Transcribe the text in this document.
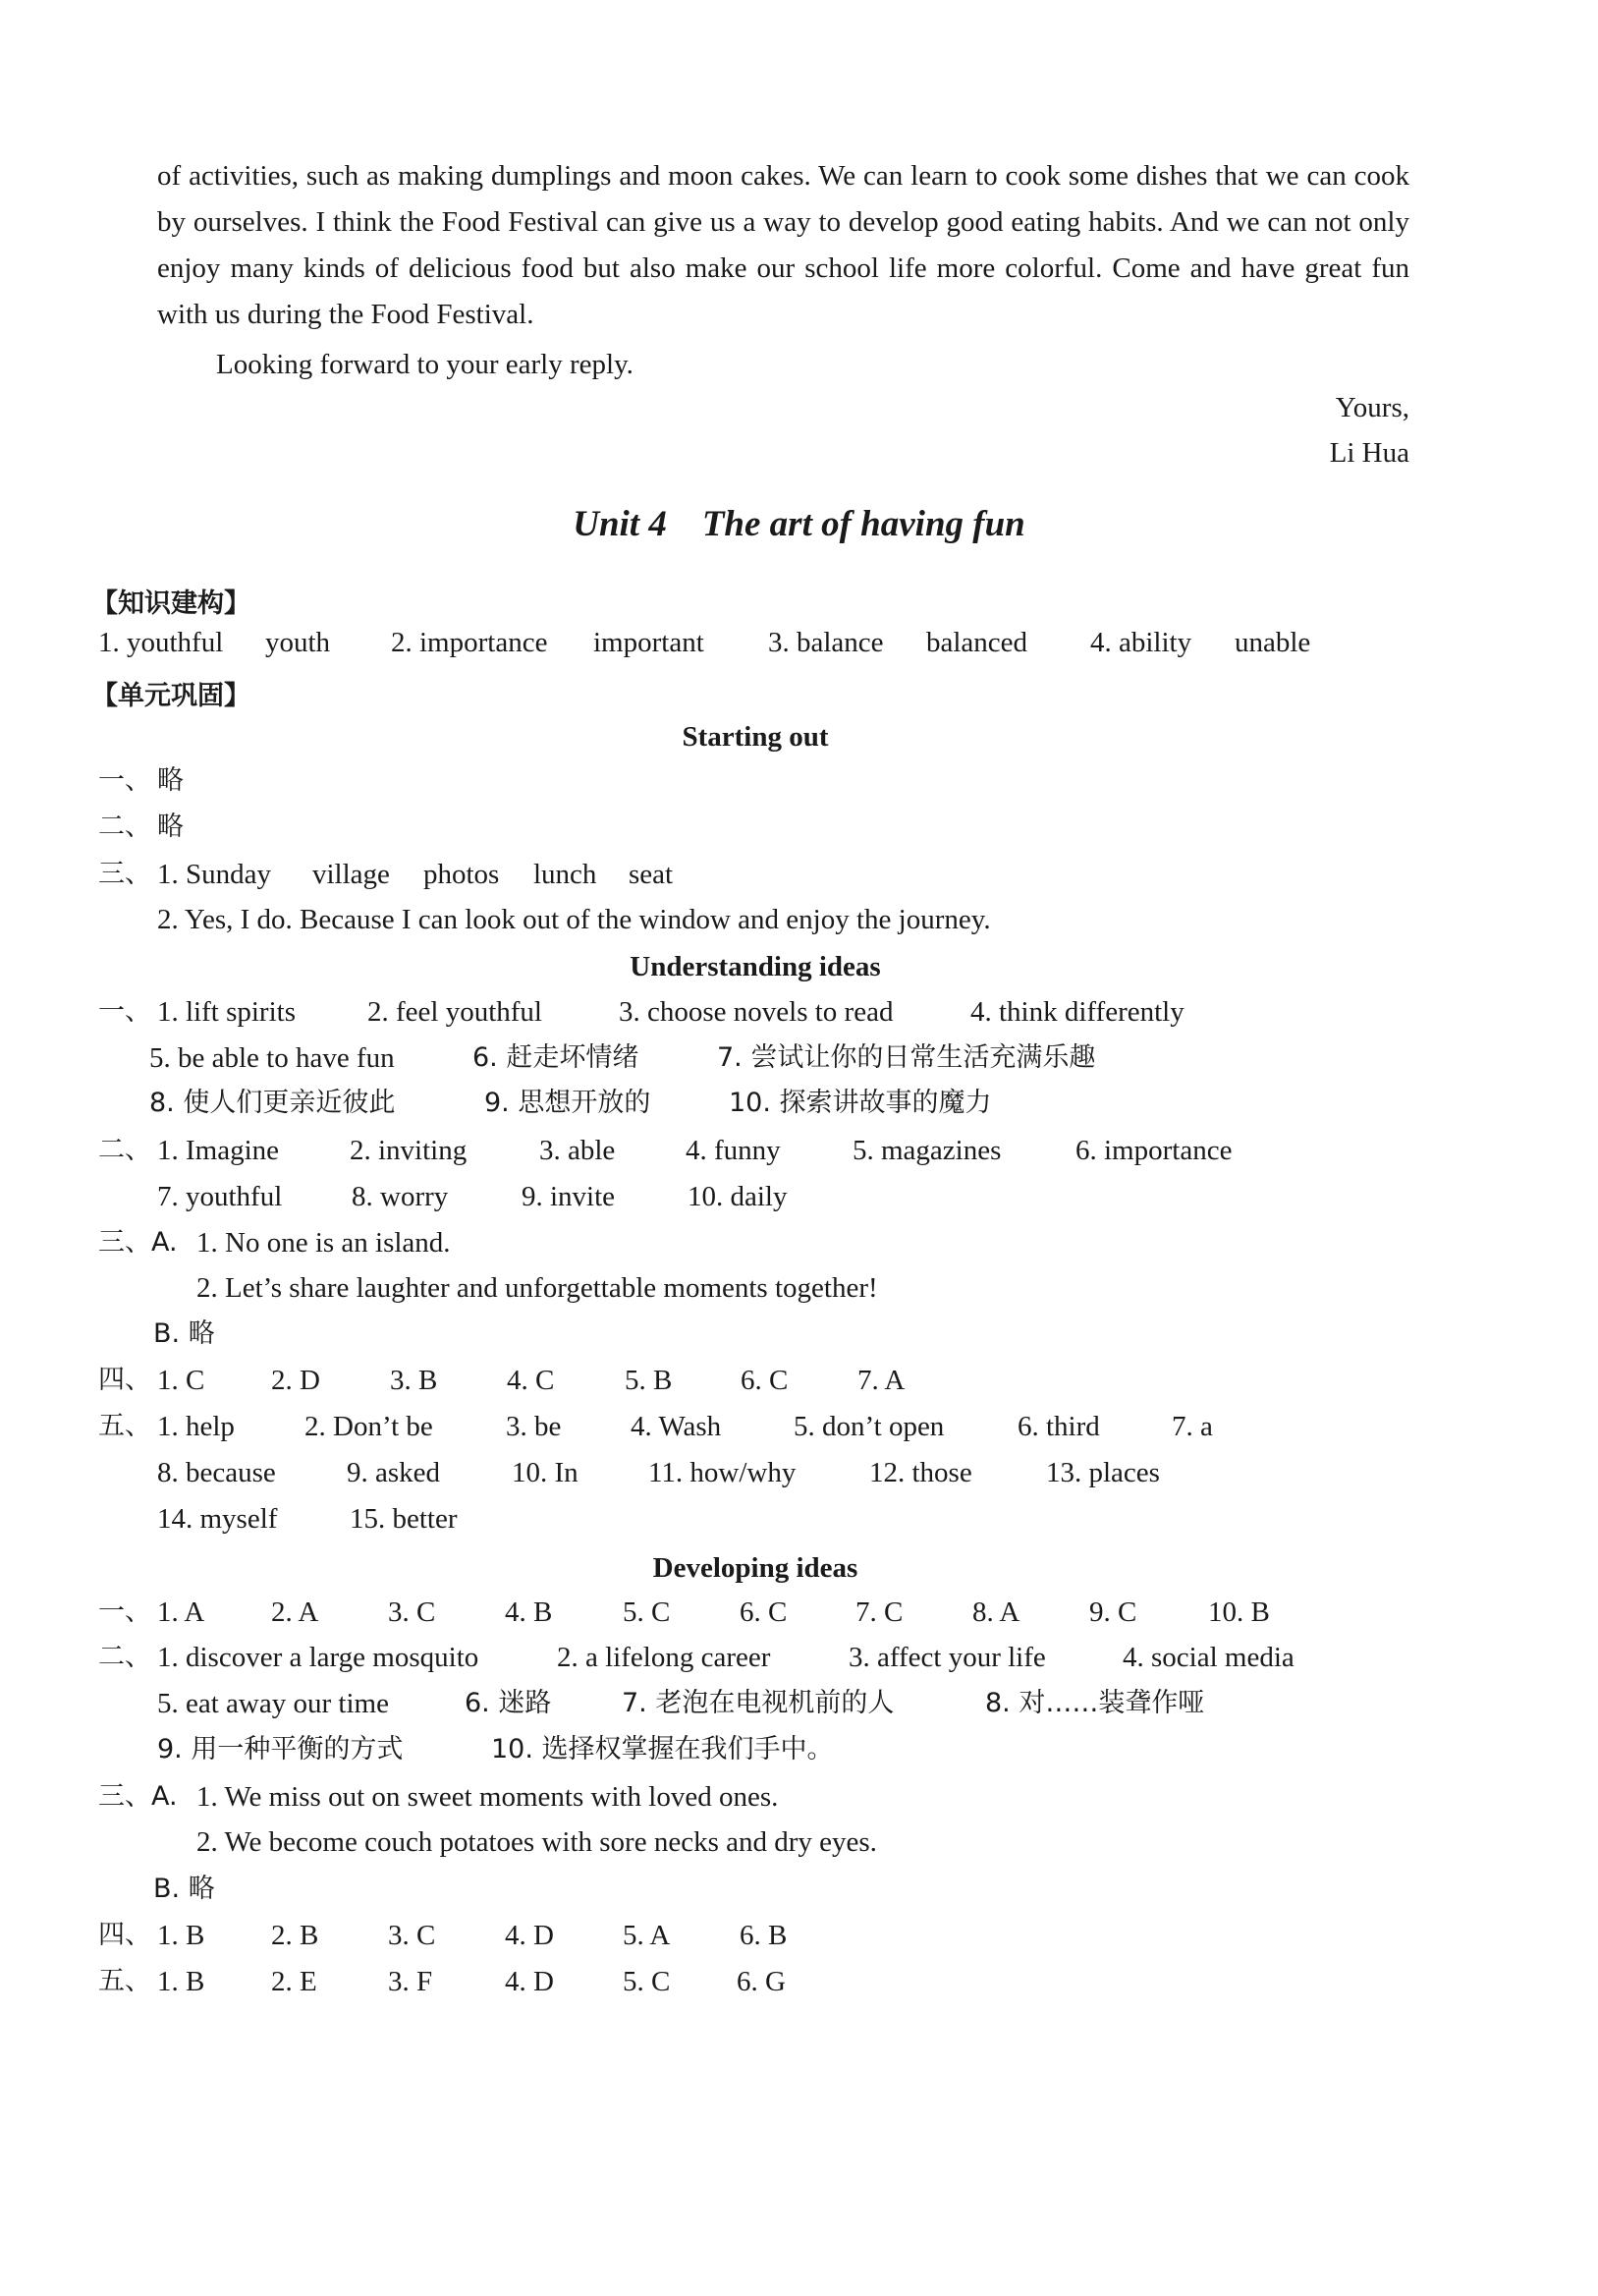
of activities, such as making dumplings and moon cakes. We can learn to cook some dishes that we can cook by ourselves. I think the Food Festival can give us a way to develop good eating habits. And we can not only enjoy many kinds of delicious food but also make our school life more colorful. Come and have great fun with us during the Food Festival.
Looking forward to your early reply.
Yours,
Li Hua
Unit 4 The art of having fun
【知识建构】
1. youthful youth 2. importance important 3. balance balanced 4. ability unable
【单元巩固】
Starting out
一、 略
二、 略
三、 1. Sunday village photos lunch seat
2. Yes, I do. Because I can look out of the window and enjoy the journey.
Understanding ideas
一、 1. lift spirits	2. feel youthful	3. choose novels to read	4. think differently
5. be able to have fun	6. 赶走坏情绪	7. 尝试让你的日常生活充满乐趣
8. 使人们更亲近彼此	9. 思想开放的	10. 探索讲故事的魔力
二、 1. Imagine 2. inviting	3. able 4. funny	5. magazines	6. importance
7. youthful 8. worry	9. invite	10. daily
三、A. 1. No one is an island.
2. Let’s share laughter and unforgettable moments together!
B. 略
四、 1. C 2. D 3. B 4. C 5. B 6. C 7. A
五、 1. help 2. Don’t be	3. be 4. Wash	5. don’t open	6. third	7. a
8. because 9. asked	10. In 11. how/why	12. those	13. places
14. myself	15. better
Developing ideas
一、 1. A 2. A 3. C 4. B 5. C 6. C 7. C 8. A 9. C	10. B
二、 1. discover a large mosquito	2. a lifelong career	3. affect your life	4. social media
5. eat away our time	6. 迷路	7. 老泡在电视机前的人	8. 对……装聋作哑
9. 用一种平衡的方式	10. 选择权掌握在我们手中。
三、A. 1. We miss out on sweet moments with loved ones.
2. We become couch potatoes with sore necks and dry eyes.
B. 略
四、 1. B 2. B 3. C 4. D 5. A 6. B
五、 1. B 2. E 3. F	4. D 5. C 6. G
